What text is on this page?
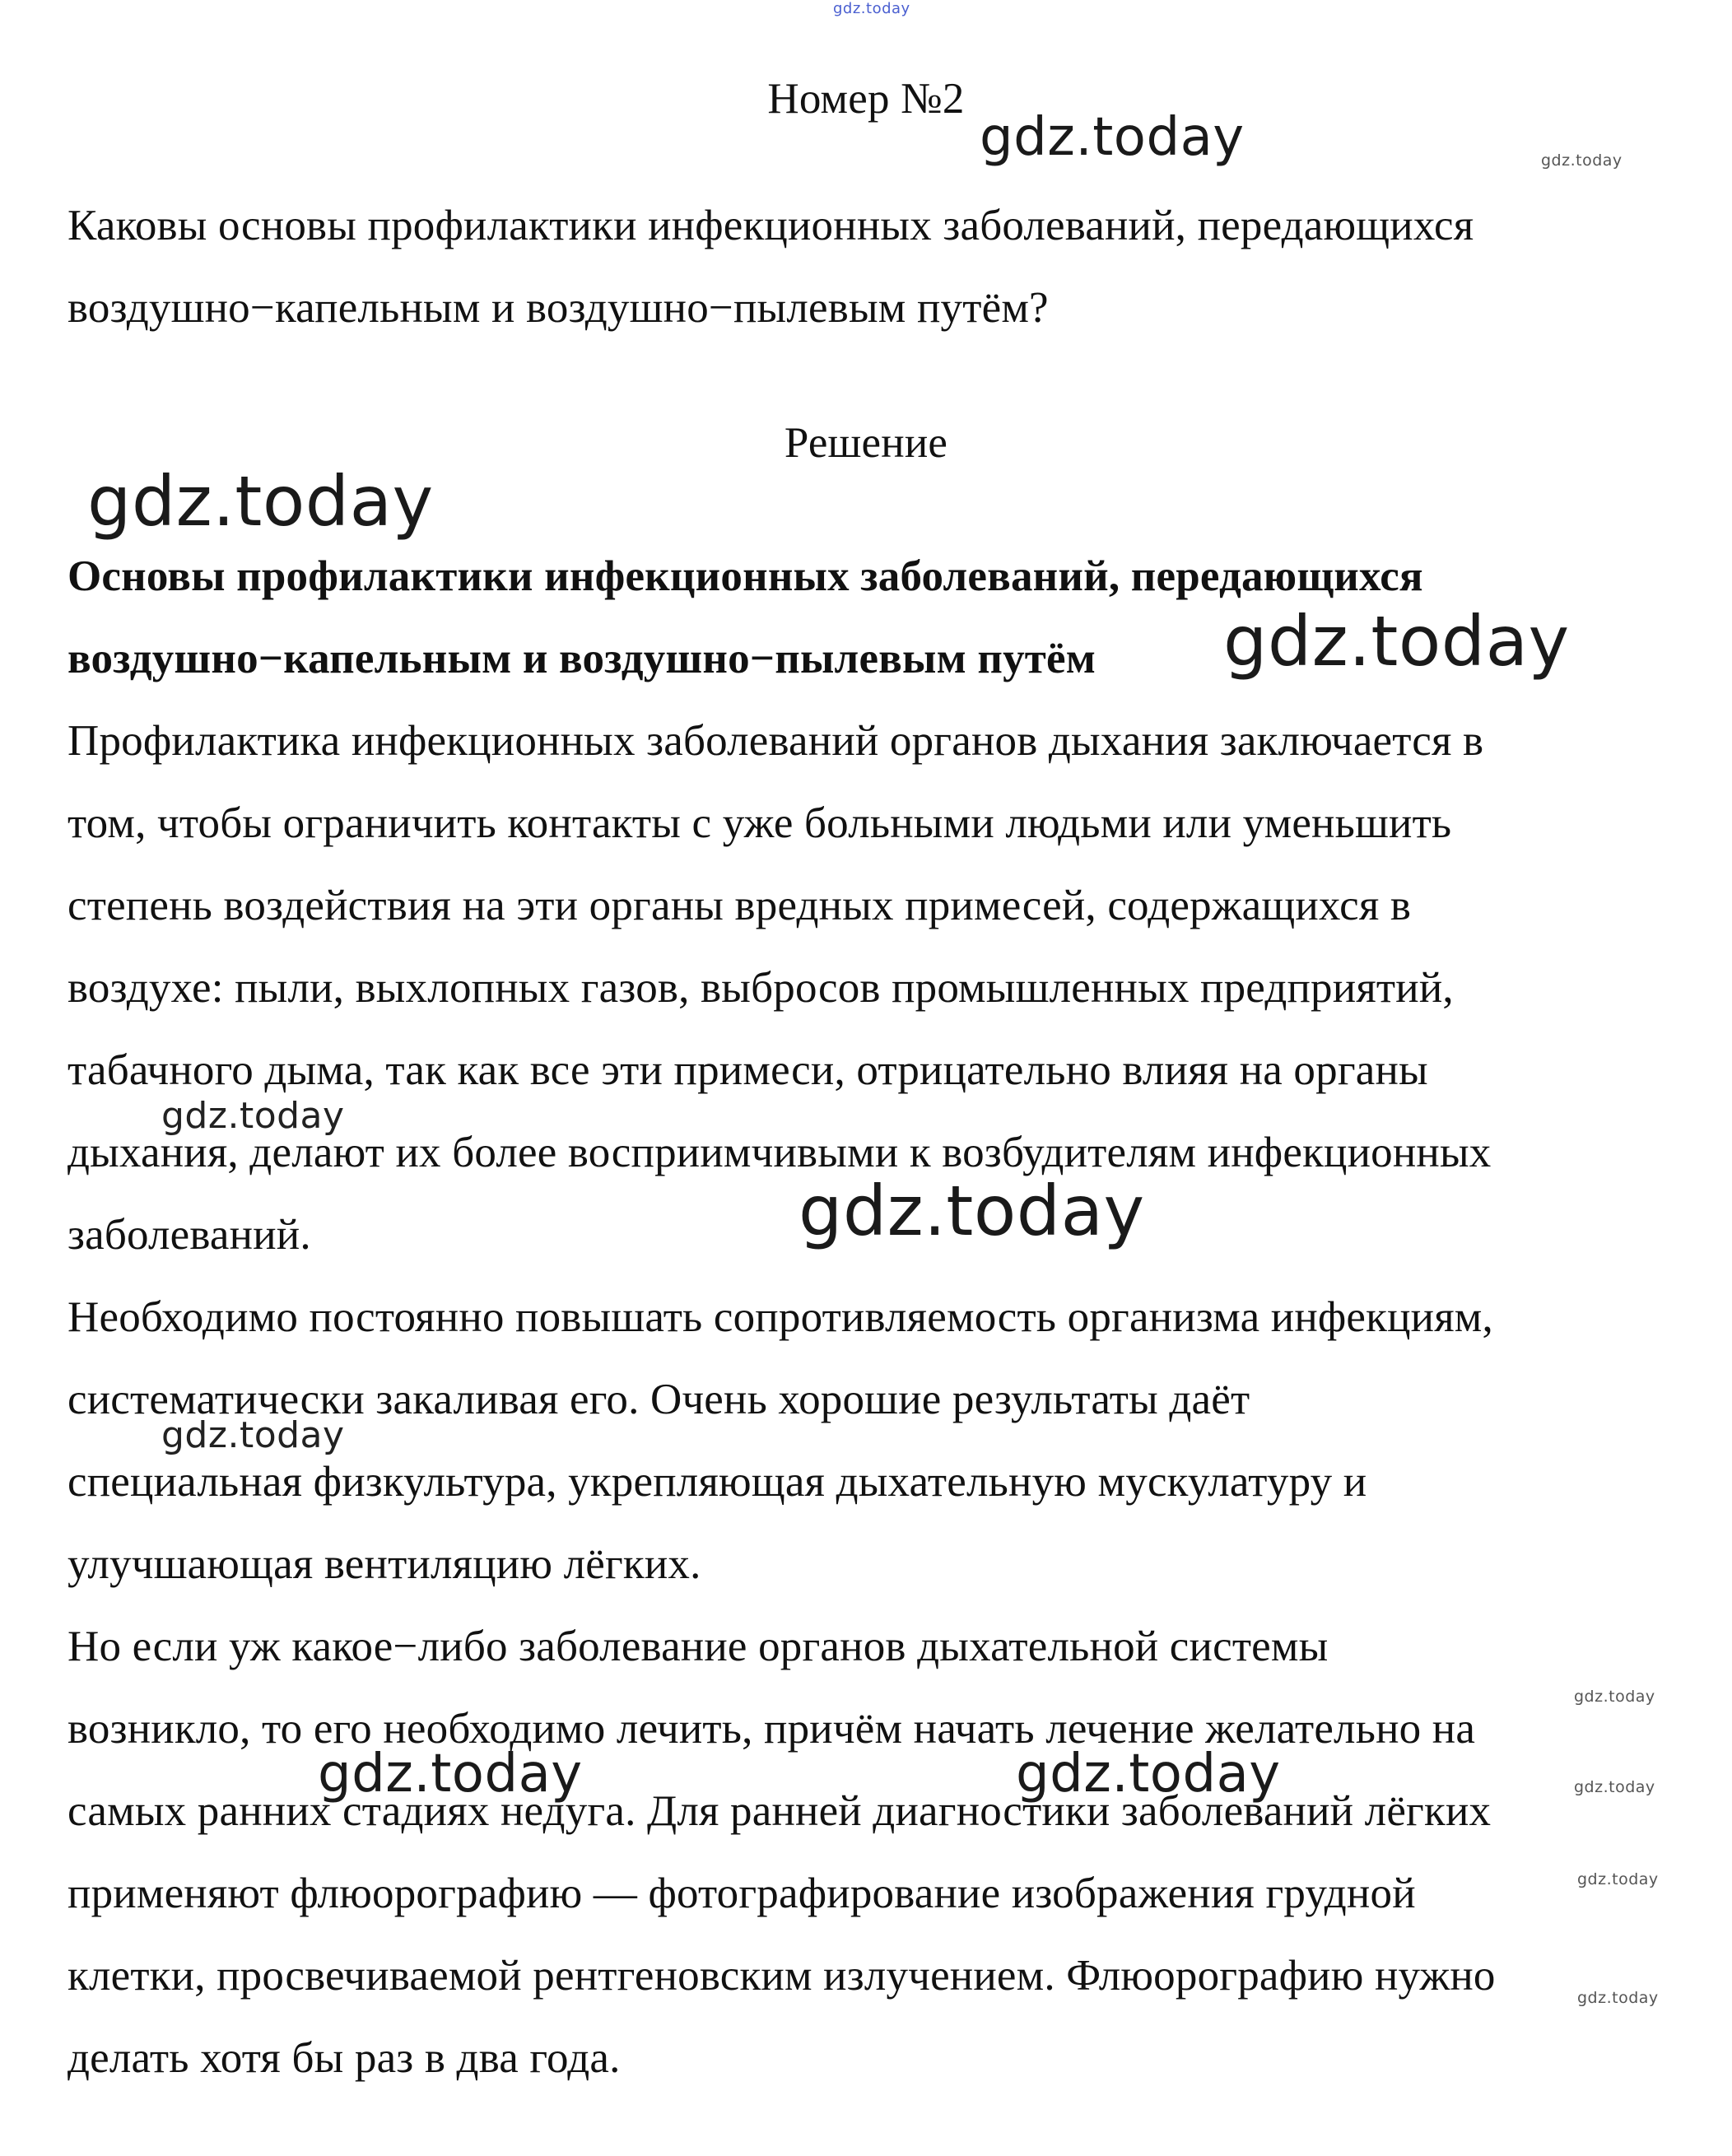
Номер №2
Каковы основы профилактики инфекционных заболеваний, передающихся
воздушно−капельным и воздушно−пылевым путём?
Решение
Основы профилактики инфекционных заболеваний, передающихся
воздушно−капельным и воздушно−пылевым путём
Профилактика инфекционных заболеваний органов дыхания заключается в
том, чтобы ограничить контакты с уже больными людьми или уменьшить
степень воздействия на эти органы вредных примесей, содержащихся в
воздухе: пыли, выхлопных газов, выбросов промышленных предприятий,
табачного дыма, так как все эти примеси, отрицательно влияя на органы
дыхания, делают их более восприимчивыми к возбудителям инфекционных
заболеваний.
Необходимо постоянно повышать сопротивляемость организма инфекциям,
систематически закаливая его. Очень хорошие результаты даёт
специальная физкультура, укрепляющая дыхательную мускулатуру и
улучшающая вентиляцию лёгких.
Но если уж какое−либо заболевание органов дыхательной системы
возникло, то его необходимо лечить, причём начать лечение желательно на
самых ранних стадиях недуга. Для ранней диагностики заболеваний лёгких
применяют флюорографию — фотографирование изображения грудной
клетки, просвечиваемой рентгеновским излучением. Флюорографию нужно
делать хотя бы раз в два года.
gdz.today
gdz.today	gdz.today
gdz.today
gdz.today
gdz.today
gdz.today
gdz.today
gdz.today
gdz.today	gdz.today	gdz.today
gdz.today
gdz.today
